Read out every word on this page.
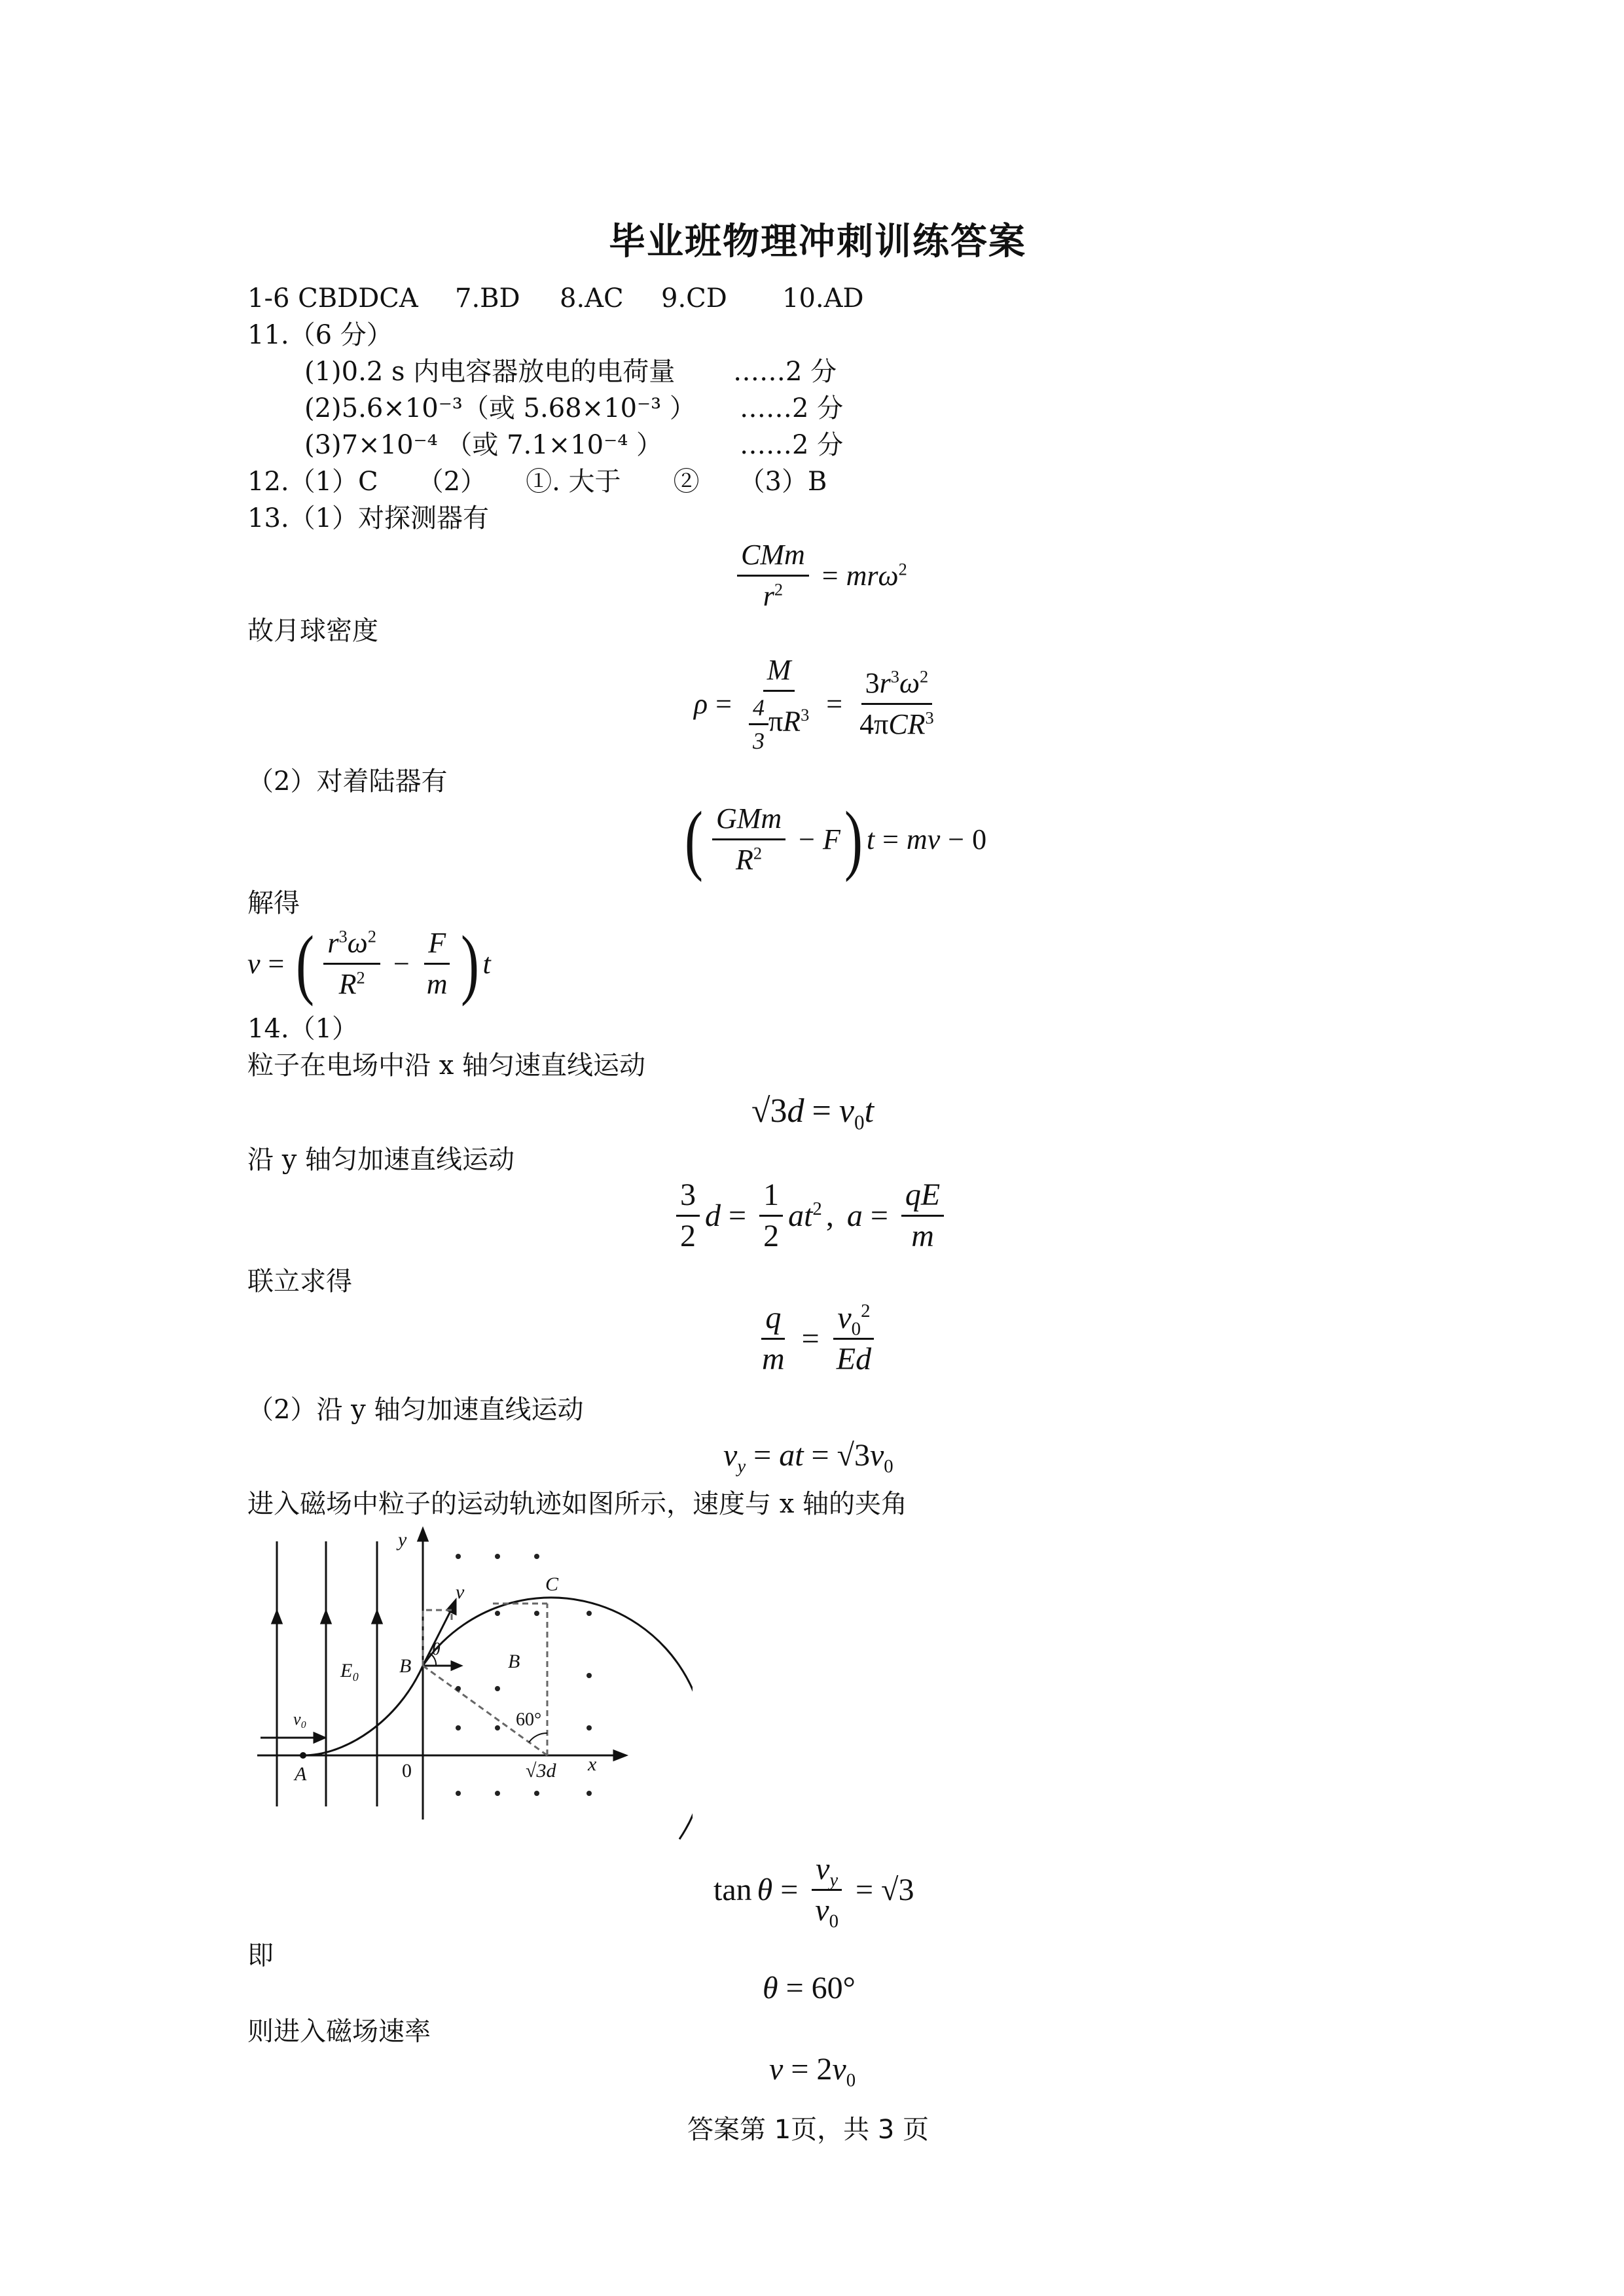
毕业班物理冲刺训练答案
1-6 CBDDCA 7.BD 8.AC 9.CD 10.AD
11.（6 分）
(1)0.2 s 内电容器放电的电荷量 ……2 分
(2)5.6×10⁻³（或 5.68×10⁻³ ） ……2 分
(3)7×10⁻⁴ （或 7.1×10⁻⁴ ）	……2 分
12.（1）C　　（2）　　①. 大于　　②　　（3）B
13.（1）对探测器有
$\frac{\text{CMm}}{r^2} = mr\omega^2$
故月球密度
$\rho = \frac{M}{\frac{4}{3} \pi R^3} = \frac{3r^3\omega^2}{4\pi CR^3}$
（2）对着陆器有
( $\frac{\text{GMm}}{R^2} - F$ ) t = mv − 0
解得
v = ( $\frac{r^3\omega^2}{R^2} - \frac{F}{m}$ ) t
14.（1）
粒子在电场中沿 x 轴匀速直线运动
√3 $d = v_0t$
沿 y 轴匀加速直线运动
$\frac{3}{2}$ $d = \frac{1}{2} at^2$ , $a = \frac{qE}{m}$
联立求得
$\frac{q}{m} = \frac{v_0^2}{Ed}$
（2）沿 y 轴匀加速直线运动
$v_y$ = at = √3 $v_0$
进入磁场中粒子的运动轨迹如图所示，速度与 x 轴的夹角
y
v	C
θ
B	B
E₀
v₀	60°
A	0	√3d x
$\tan \theta = \frac{v_y}{v_0} = √3$
即
θ = 60°
则进入磁场速率
v = 2 $v_0$
答案第 1页，共 3 页
